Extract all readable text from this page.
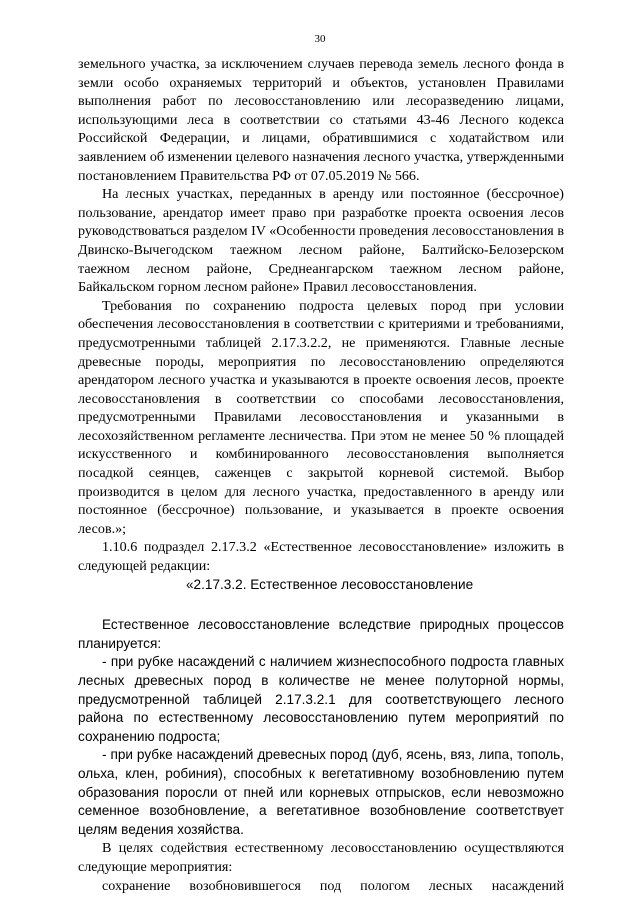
30

земельного участка, за исключением случаев перевода земель лесного фонда в земли особо охраняемых территорий и объектов, установлен Правилами выполнения работ по лесовосстановлению или лесоразведению лицами, использующими леса в соответствии со статьями 43-46 Лесного кодекса Российской Федерации, и лицами, обратившимися с ходатайством или заявлением об изменении целевого назначения лесного участка, утвержденными постановлением Правительства РФ от 07.05.2019 № 566.

На лесных участках, переданных в аренду или постоянное (бессрочное) пользование, арендатор имеет право при разработке проекта освоения лесов руководствоваться разделом IV «Особенности проведения лесовосстановления в Двинско-Вычегодском таежном лесном районе, Балтийско-Белозерском таежном лесном районе, Среднеангарском таежном лесном районе, Байкальском горном лесном районе» Правил лесовосстановления.

Требования по сохранению подроста целевых пород при условии обеспечения лесовосстановления в соответствии с критериями и требованиями, предусмотренными таблицей 2.17.3.2.2, не применяются. Главные лесные древесные породы, мероприятия по лесовосстановлению определяются арендатором лесного участка и указываются в проекте освоения лесов, проекте лесовосстановления в соответствии со способами лесовосстановления, предусмотренными Правилами лесовосстановления и указанными в лесохозяйственном регламенте лесничества. При этом не менее 50 % площадей искусственного и комбинированного лесовосстановления выполняется посадкой сеянцев, саженцев с закрытой корневой системой. Выбор производится в целом для лесного участка, предоставленного в аренду или постоянное (бессрочное) пользование, и указывается в проекте освоения лесов.»;

1.10.6 подраздел 2.17.3.2 «Естественное лесовосстановление» изложить в следующей редакции:

«2.17.3.2. Естественное лесовосстановление

Естественное лесовосстановление вследствие природных процессов планируется:

- при рубке насаждений с наличием жизнеспособного подроста главных лесных древесных пород в количестве не менее полуторной нормы, предусмотренной таблицей 2.17.3.2.1 для соответствующего лесного района по естественному лесовосстановлению путем мероприятий по сохранению подроста;

- при рубке насаждений древесных пород (дуб, ясень, вяз, липа, тополь, ольха, клен, робиния), способных к вегетативному возобновлению путем образования поросли от пней или корневых отпрысков, если невозможно семенное возобновление, а вегетативное возобновление соответствует целям ведения хозяйства.

В целях содействия естественному лесовосстановлению осуществляются следующие мероприятия:

сохранение возобновившегося под пологом лесных насаждений
